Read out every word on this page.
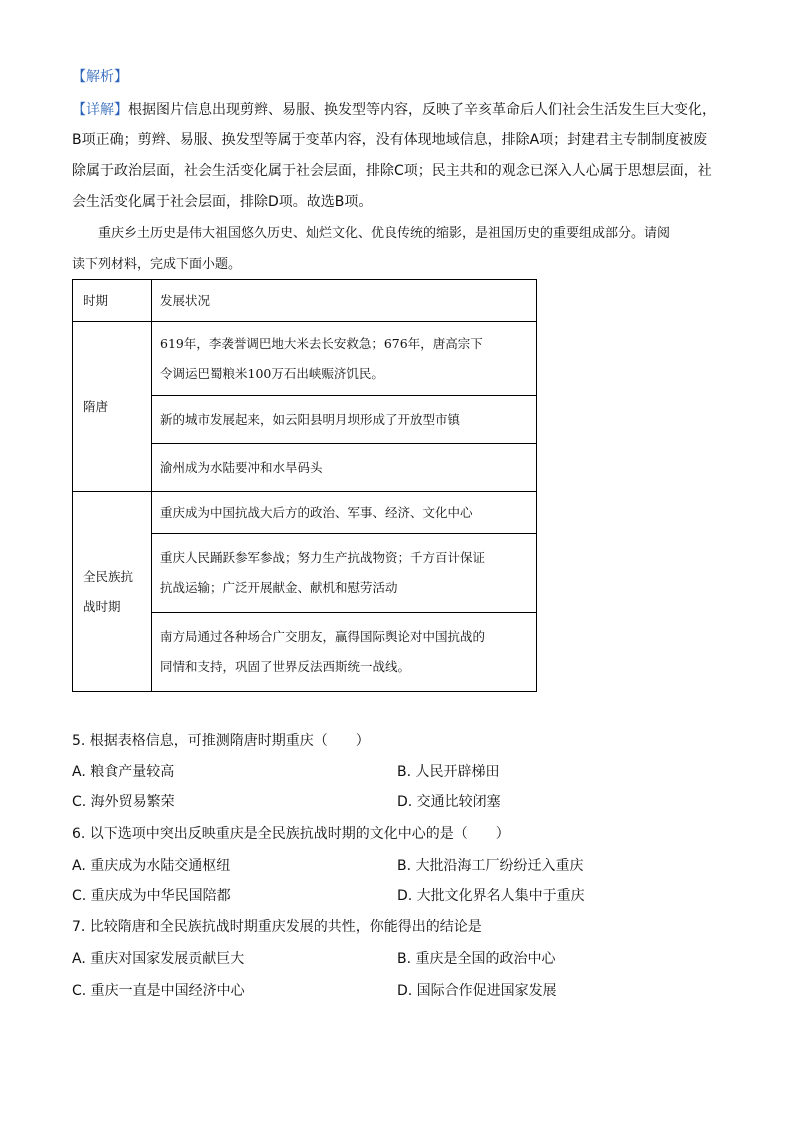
【解析】
【详解】根据图片信息出现剪辫、易服、换发型等内容，反映了辛亥革命后人们社会生活发生巨大变化，
B项正确；剪辫、易服、换发型等属于变革内容，没有体现地域信息，排除A项；封建君主专制制度被废
除属于政治层面，社会生活变化属于社会层面，排除C项；民主共和的观念已深入人心属于思想层面，社
会生活变化属于社会层面，排除D项。故选B项。
重庆乡土历史是伟大祖国悠久历史、灿烂文化、优良传统的缩影，是祖国历史的重要组成部分。请阅
读下列材料，完成下面小题。
时期	发展状况
隋唐	619年，李袭誉调巴地大米去长安救急；676年，唐高宗下
令调运巴蜀粮米100万石出峡赈济饥民。

	新的城市发展起来，如云阳县明月坝形成了开放型市镇
	渝州成为水陆要冲和水旱码头

全民族抗
战时期	重庆成为中国抗战大后方的政治、军事、经济、文化中心

	重庆人民踊跃参军参战；努力生产抗战物资；千方百计保证
抗战运输；广泛开展献金、献机和慰劳活动

	南方局通过各种场合广交朋友，赢得国际舆论对中国抗战的
同情和支持，巩固了世界反法西斯统一战线。
5. 根据表格信息，可推测隋唐时期重庆（　　）
A. 粮食产量较高	B. 人民开辟梯田
C. 海外贸易繁荣	D. 交通比较闭塞
6. 以下选项中突出反映重庆是全民族抗战时期的文化中心的是（　　）
A. 重庆成为水陆交通枢纽	B. 大批沿海工厂纷纷迁入重庆
C. 重庆成为中华民国陪都	D. 大批文化界名人集中于重庆
7. 比较隋唐和全民族抗战时期重庆发展的共性，你能得出的结论是
A. 重庆对国家发展贡献巨大	B. 重庆是全国的政治中心
C. 重庆一直是中国经济中心	D. 国际合作促进国家发展
